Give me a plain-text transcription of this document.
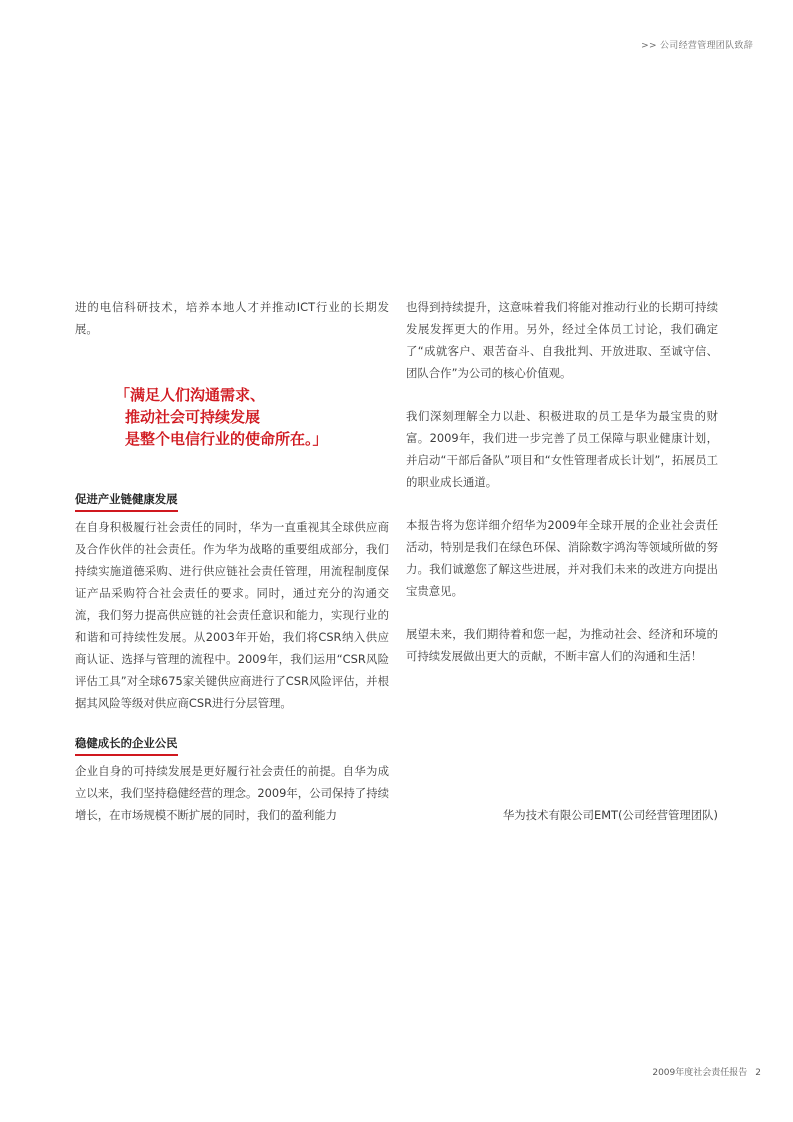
>> 公司经营管理团队致辞

进的电信科研技术，培养本地人才并推动ICT行业的长期发展。

「满足人们沟通需求、
推动社会可持续发展
是整个电信行业的使命所在。」
促进产业链健康发展

在自身积极履行社会责任的同时，华为一直重视其全球供应商及合作伙伴的社会责任。作为华为战略的重要组成部分，我们持续实施道德采购、进行供应链社会责任管理，用流程制度保证产品采购符合社会责任的要求。同时，通过充分的沟通交流，我们努力提高供应链的社会责任意识和能力，实现行业的和谐和可持续性发展。从2003年开始，我们将CSR纳入供应商认证、选择与管理的流程中。2009年，我们运用“CSR风险评估工具”对全球675家关键供应商进行了CSR风险评估，并根据其风险等级对供应商CSR进行分层管理。

稳健成长的企业公民

企业自身的可持续发展是更好履行社会责任的前提。自华为成立以来，我们坚持稳健经营的理念。2009年，公司保持了持续增长，在市场规模不断扩展的同时，我们的盈利能力

也得到持续提升，这意味着我们将能对推动行业的长期可持续发展发挥更大的作用。另外，经过全体员工讨论，我们确定了“成就客户、艰苦奋斗、自我批判、开放进取、至诚守信、团队合作”为公司的核心价值观。

我们深刻理解全力以赴、积极进取的员工是华为最宝贵的财富。2009年，我们进一步完善了员工保障与职业健康计划，并启动“干部后备队”项目和“女性管理者成长计划”，拓展员工的职业成长通道。

本报告将为您详细介绍华为2009年全球开展的企业社会责任活动，特别是我们在绿色环保、消除数字鸿沟等领域所做的努力。我们诚邀您了解这些进展，并对我们未来的改进方向提出宝贵意见。

展望未来，我们期待着和您一起，为推动社会、经济和环境的可持续发展做出更大的贡献，不断丰富人们的沟通和生活！

华为技术有限公司EMT(公司经营管理团队)
2009年度社会责任报告 2
